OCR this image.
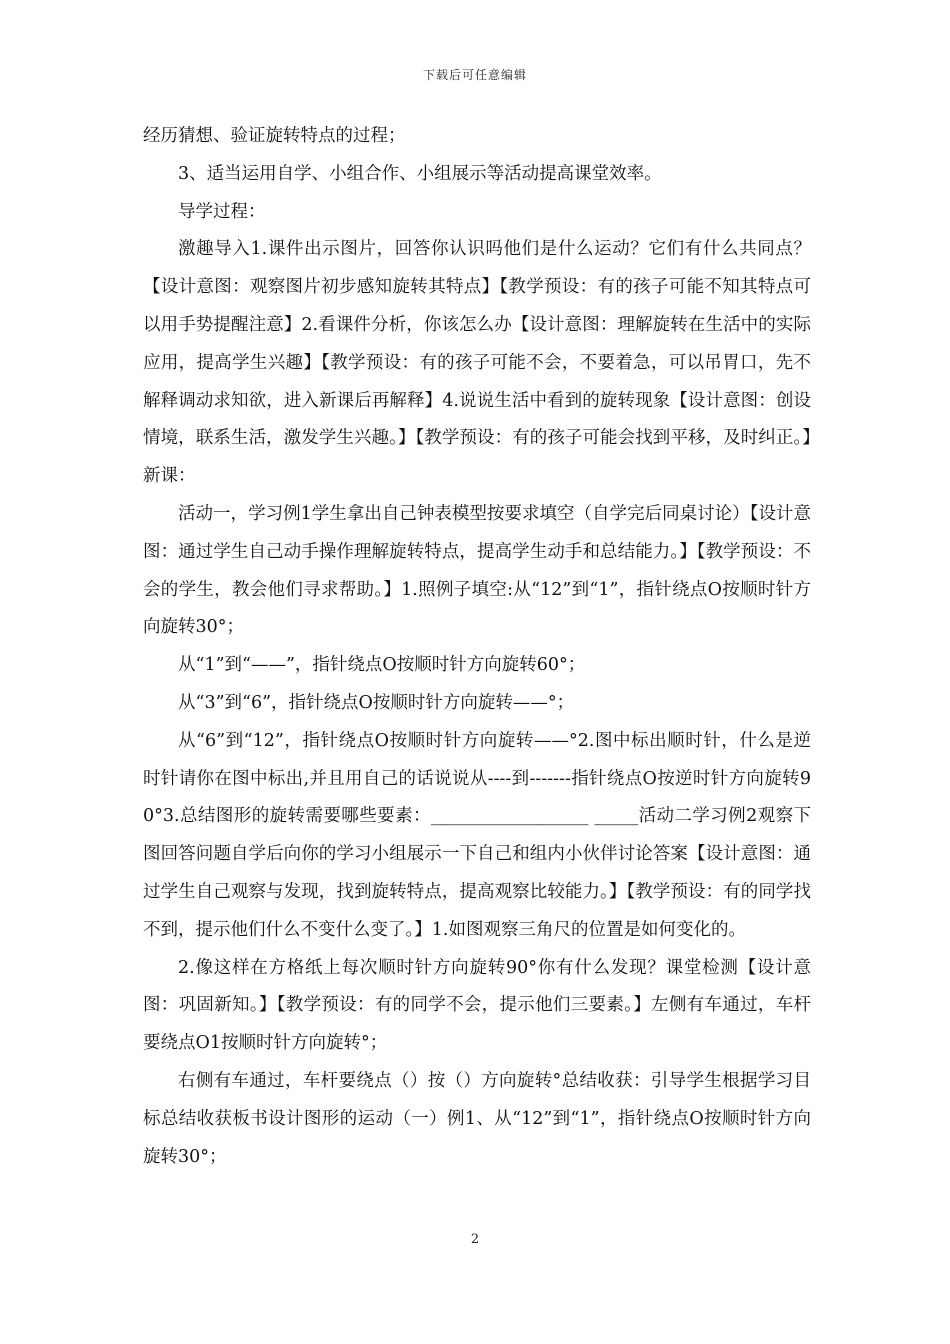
下载后可任意编辑

经历猜想、验证旋转特点的过程；

3、适当运用自学、小组合作、小组展示等活动提高课堂效率。

导学过程：

激趣导入1.课件出示图片，回答你认识吗他们是什么运动？它们有什么共同点？【设计意图：观察图片初步感知旋转其特点】【教学预设：有的孩子可能不知其特点可以用手势提醒注意】2.看课件分析，你该怎么办【设计意图：理解旋转在生活中的实际应用，提高学生兴趣】【教学预设：有的孩子可能不会，不要着急，可以吊胃口，先不解释调动求知欲，进入新课后再解释】4.说说生活中看到的旋转现象【设计意图：创设情境，联系生活，激发学生兴趣。】【教学预设：有的孩子可能会找到平移，及时纠正。】新课：

活动一，学习例1学生拿出自己钟表模型按要求填空（自学完后同桌讨论）【设计意图：通过学生自己动手操作理解旋转特点，提高学生动手和总结能力。】【教学预设：不会的学生，教会他们寻求帮助。】1.照例子填空:从“12”到“1”，指针绕点O按顺时针方向旋转30°；

从“1”到“——”，指针绕点O按顺时针方向旋转60°；

从“3”到“6”，指针绕点O按顺时针方向旋转——°；

从“6”到“12”，指针绕点O按顺时针方向旋转——°2.图中标出顺时针，什么是逆时针请你在图中标出,并且用自己的话说说从----到-------指针绕点O按逆时针方向旋转90°3.总结图形的旋转需要哪些要素：__________________ _____活动二学习例2观察下图回答问题自学后向你的学习小组展示一下自己和组内小伙伴讨论答案【设计意图：通过学生自己观察与发现，找到旋转特点，提高观察比较能力。】【教学预设：有的同学找不到，提示他们什么不变什么变了。】1.如图观察三角尺的位置是如何变化的。

2.像这样在方格纸上每次顺时针方向旋转90°你有什么发现？课堂检测【设计意图：巩固新知。】【教学预设：有的同学不会，提示他们三要素。】左侧有车通过，车杆要绕点O1按顺时针方向旋转°；

右侧有车通过，车杆要绕点（）按（）方向旋转°总结收获：引导学生根据学习目标总结收获板书设计图形的运动（一）例1、从“12”到“1”，指针绕点O按顺时针方向旋转30°；

2
